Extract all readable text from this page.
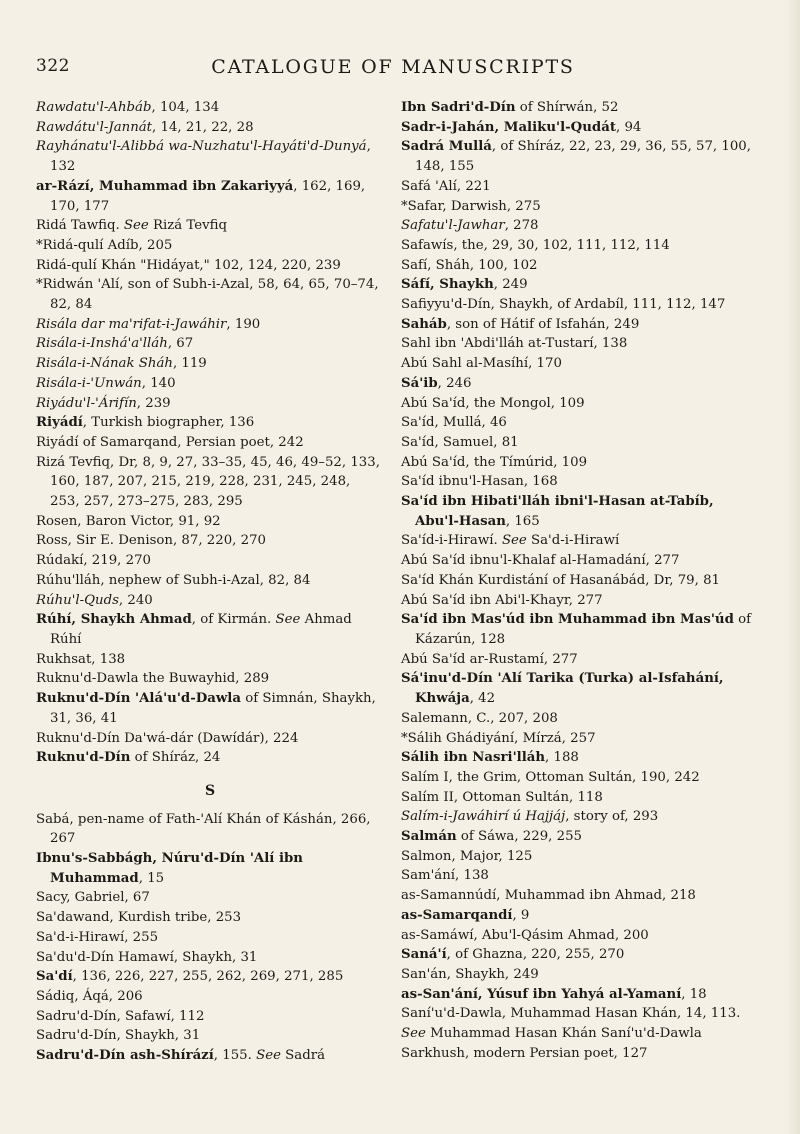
322	CATALOGUE OF MANUSCRIPTS

Rawdatu'l-Ahbáb, 104, 134

Rawdátu'l-Jannát, 14, 21, 22, 28

Rayhánatu'l-Alibbá wa-Nuzhatu'l-Hayáti'd-Dunyá, 132

ar-Rází, Muhammad ibn Zakariyyá, 162, 169, 170, 177

Ridá Tawfiq. See Rizá Tevfiq

*Ridá-qulí Adíb, 205

Ridá-qulí Khán "Hidáyat," 102, 124, 220, 239

*Ridwán 'Alí, son of Subh-i-Azal, 58, 64, 65, 70–74, 82, 84

Risála dar ma'rifat-i-Jawáhir, 190

Risála-i-Inshá'a'lláh, 67

Risála-i-Nának Sháh, 119

Risála-i-'Unwán, 140

Riyádu'l-'Árifín, 239

Riyádí, Turkish biographer, 136

Riyádí of Samarqand, Persian poet, 242

Rizá Tevfiq, Dr, 8, 9, 27, 33–35, 45, 46, 49–52, 133, 160, 187, 207, 215, 219, 228, 231, 245, 248, 253, 257, 273–275, 283, 295

Rosen, Baron Victor, 91, 92

Ross, Sir E. Denison, 87, 220, 270

Rúdakí, 219, 270

Rúhu'lláh, nephew of Subh-i-Azal, 82, 84

Rúhu'l-Quds, 240

Rúhí, Shaykh Ahmad, of Kirmán. See Ahmad Rúhí

Rukhsat, 138

Ruknu'd-Dawla the Buwayhid, 289

Ruknu'd-Dín 'Alá'u'd-Dawla of Simnán, Shaykh, 31, 36, 41

Ruknu'd-Dín Da'wá-dár (Dawídár), 224

Ruknu'd-Dín of Shíráz, 24

S

Sabá, pen-name of Fath-'Alí Khán of Káshán, 266, 267

Ibnu's-Sabbágh, Núru'd-Dín 'Alí ibn Muhammad, 15

Sacy, Gabriel, 67

Sa'dawand, Kurdish tribe, 253

Sa'd-i-Hirawí, 255

Sa'du'd-Dín Hamawí, Shaykh, 31

Sa'dí, 136, 226, 227, 255, 262, 269, 271, 285

Sádiq, Áqá, 206

Sadru'd-Dín, Safawí, 112

Sadru'd-Dín, Shaykh, 31

Sadru'd-Dín ash-Shírází, 155. See Sadrá

Ibn Sadri'd-Dín of Shírwán, 52

Sadr-i-Jahán, Maliku'l-Qudát, 94

Sadrá Mullá, of Shíráz, 22, 23, 29, 36, 55, 57, 100, 148, 155

Safá 'Alí, 221

*Safar, Darwish, 275

Safatu'l-Jawhar, 278

Safawís, the, 29, 30, 102, 111, 112, 114

Safí, Sháh, 100, 102

Sáfí, Shaykh, 249

Safiyyu'd-Dín, Shaykh, of Ardabíl, 111, 112, 147

Saháb, son of Hátif of Isfahán, 249

Sahl ibn 'Abdi'lláh at-Tustarí, 138

Abú Sahl al-Masíhí, 170

Sá'ib, 246

Abú Sa'íd, the Mongol, 109

Sa'íd, Mullá, 46

Sa'íd, Samuel, 81

Abú Sa'íd, the Tímúrid, 109

Sa'íd ibnu'l-Hasan, 168

Sa'íd ibn Hibati'lláh ibni'l-Hasan at-Tabíb, Abu'l-Hasan, 165

Sa'íd-i-Hirawí. See Sa'd-i-Hirawí

Abú Sa'íd ibnu'l-Khalaf al-Hamadání, 277

Sa'íd Khán Kurdistání of Hasanábád, Dr, 79, 81

Abú Sa'íd ibn Abi'l-Khayr, 277

Sa'íd ibn Mas'úd ibn Muhammad ibn Mas'úd of Kázarún, 128

Abú Sa'íd ar-Rustamí, 277

Sá'inu'd-Dín 'Alí Tarika (Turka) al-Isfahání, Khwája, 42

Salemann, C., 207, 208

*Sálih Ghádiyání, Mírzá, 257

Sálih ibn Nasri'lláh, 188

Salím I, the Grim, Ottoman Sultán, 190, 242

Salím II, Ottoman Sultán, 118

Salím-i-Jawáhirí ú Hajjáj, story of, 293

Salmán of Sáwa, 229, 255

Salmon, Major, 125

Sam'ání, 138

as-Samannúdí, Muhammad ibn Ahmad, 218

as-Samarqandí, 9

as-Samáwí, Abu'l-Qásim Ahmad, 200

Saná'í, of Ghazna, 220, 255, 270

San'án, Shaykh, 249

as-San'ání, Yúsuf ibn Yahyá al-Yamaní, 18

Saní'u'd-Dawla, Muhammad Hasan Khán, 14, 113.

See Muhammad Hasan Khán Saní'u'd-Dawla

Sarkhush, modern Persian poet, 127
